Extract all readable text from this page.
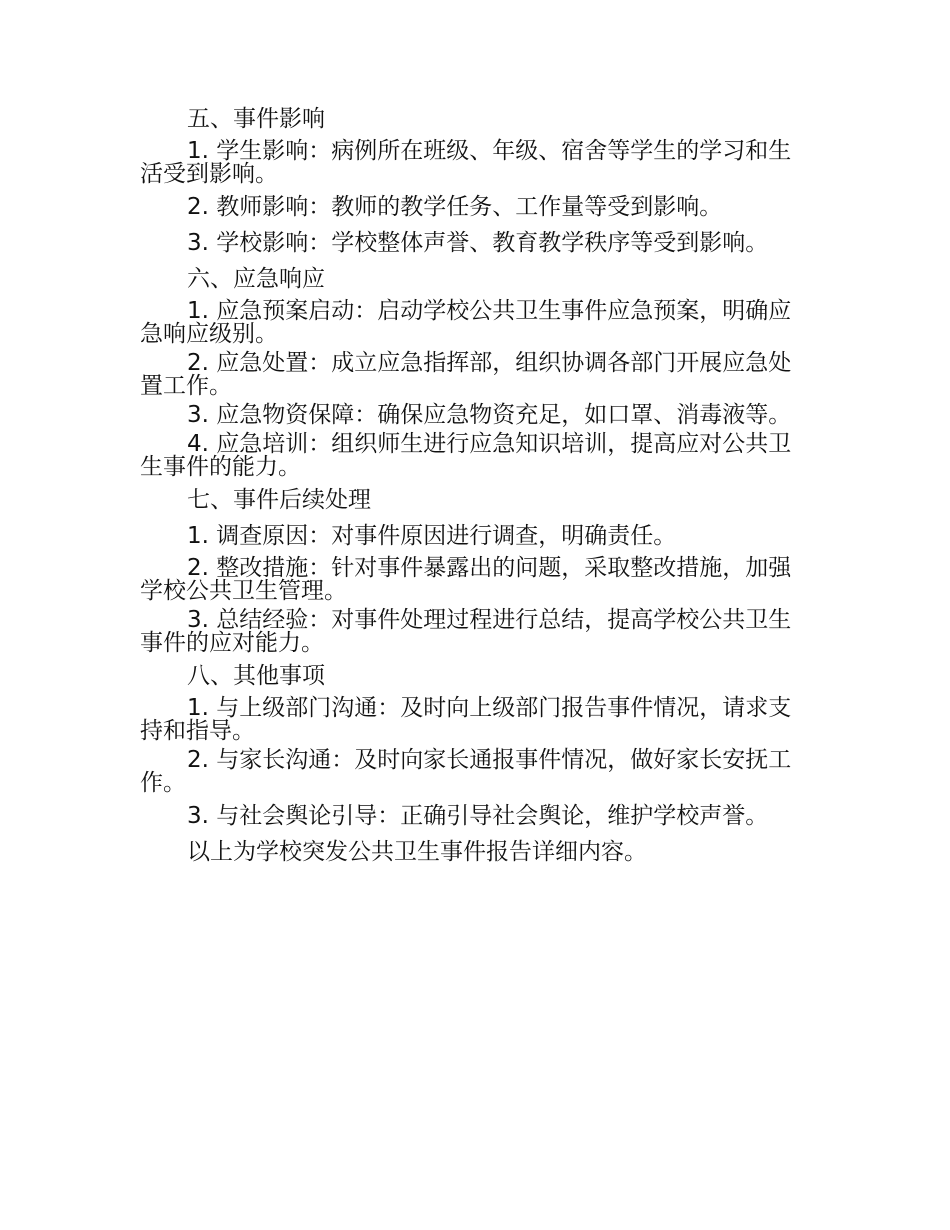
五、事件影响

1. 学生影响：病例所在班级、年级、宿舍等学生的学习和生活受到影响。

2. 教师影响：教师的教学任务、工作量等受到影响。

3. 学校影响：学校整体声誉、教育教学秩序等受到影响。

六、应急响应

1. 应急预案启动：启动学校公共卫生事件应急预案，明确应急响应级别。

2. 应急处置：成立应急指挥部，组织协调各部门开展应急处置工作。

3. 应急物资保障：确保应急物资充足，如口罩、消毒液等。

4. 应急培训：组织师生进行应急知识培训，提高应对公共卫生事件的能力。

七、事件后续处理

1. 调查原因：对事件原因进行调查，明确责任。

2. 整改措施：针对事件暴露出的问题，采取整改措施，加强学校公共卫生管理。

3. 总结经验：对事件处理过程进行总结，提高学校公共卫生事件的应对能力。

八、其他事项

1. 与上级部门沟通：及时向上级部门报告事件情况，请求支持和指导。

2. 与家长沟通：及时向家长通报事件情况，做好家长安抚工作。

3. 与社会舆论引导：正确引导社会舆论，维护学校声誉。

以上为学校突发公共卫生事件报告详细内容。
